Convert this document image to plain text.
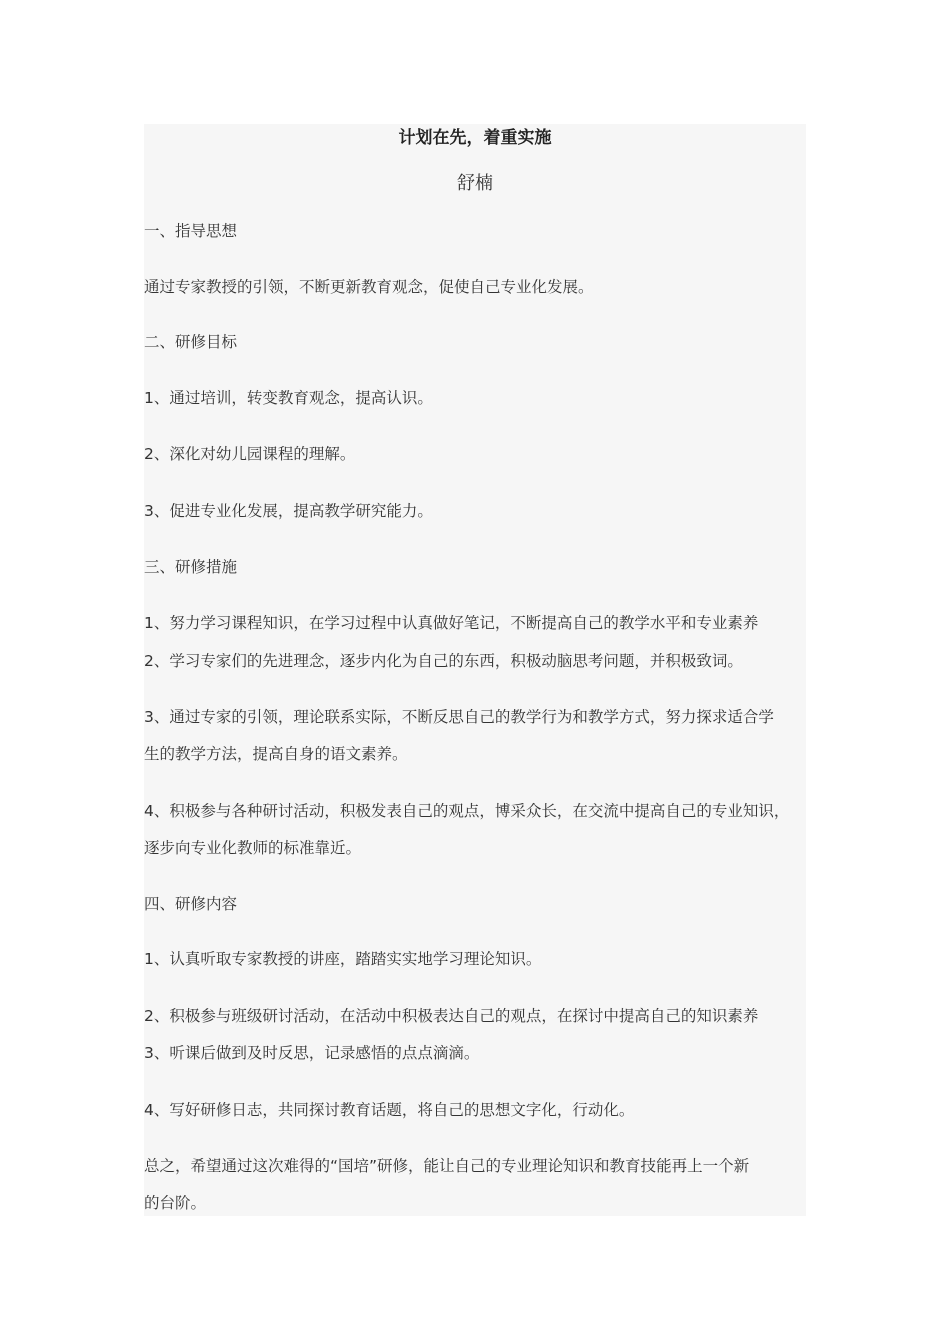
计划在先，着重实施
舒楠
一、指导思想
通过专家教授的引领，不断更新教育观念，促使自己专业化发展。
二、研修目标
1、通过培训，转变教育观念，提高认识。
2、深化对幼儿园课程的理解。
3、促进专业化发展，提高教学研究能力。
三、研修措施
1、努力学习课程知识，在学习过程中认真做好笔记，不断提高自己的教学水平和专业素养
2、学习专家们的先进理念，逐步内化为自己的东西，积极动脑思考问题，并积极致词。
3、通过专家的引领，理论联系实际，不断反思自己的教学行为和教学方式，努力探求适合学
生的教学方法，提高自身的语文素养。
4、积极参与各种研讨活动，积极发表自己的观点，博采众长，在交流中提高自己的专业知识，
逐步向专业化教师的标准靠近。
四、研修内容
1、认真听取专家教授的讲座，踏踏实实地学习理论知识。
2、积极参与班级研讨活动，在活动中积极表达自己的观点，在探讨中提高自己的知识素养
3、听课后做到及时反思，记录感悟的点点滴滴。
4、写好研修日志，共同探讨教育话题，将自己的思想文字化，行动化。
总之，希望通过这次难得的“国培”研修，能让自己的专业理论知识和教育技能再上一个新
的台阶。
